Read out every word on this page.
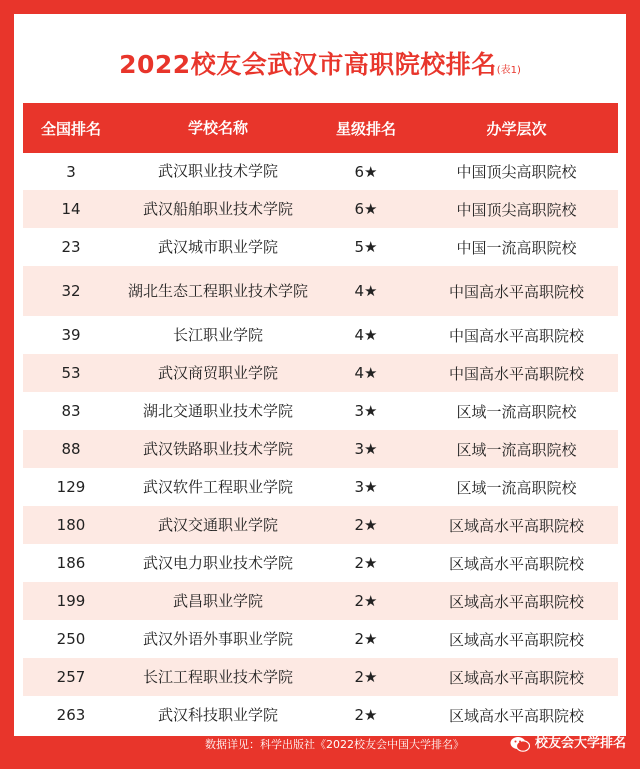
2022校友会武汉市高职院校排名(表1)
全国排名	学校名称	星级排名	办学层次
3	武汉职业技术学院	6★	中国顶尖高职院校
14	武汉船舶职业技术学院	6★	中国顶尖高职院校
23	武汉城市职业学院	5★	中国一流高职院校
32	湖北生态工程职业技术学院	4★	中国高水平高职院校
39	长江职业学院	4★	中国高水平高职院校
53	武汉商贸职业学院	4★	中国高水平高职院校
83	湖北交通职业技术学院	3★	区域一流高职院校
88	武汉铁路职业技术学院	3★	区域一流高职院校
129	武汉软件工程职业学院	3★	区域一流高职院校
180	武汉交通职业学院	2★	区域高水平高职院校
186	武汉电力职业技术学院	2★	区域高水平高职院校
199	武昌职业学院	2★	区域高水平高职院校
250	武汉外语外事职业学院	2★	区域高水平高职院校
257	长江工程职业技术学院	2★	区域高水平高职院校
263	武汉科技职业学院	2★	区域高水平高职院校
数据详见：科学出版社《2022校友会中国大学排名》	校友会大学排名
